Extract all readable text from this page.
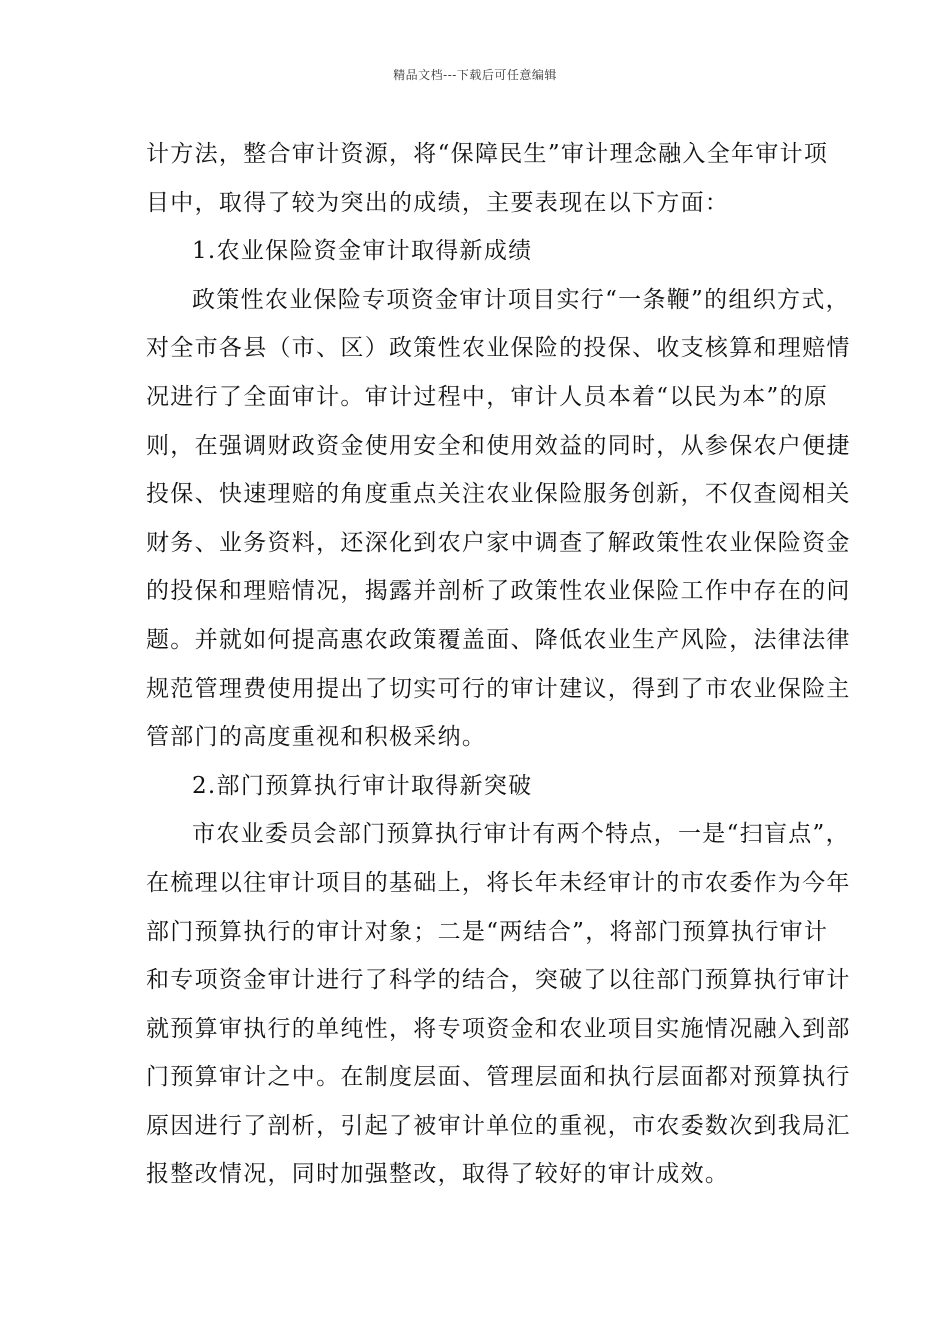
精品文档---下载后可任意编辑
计方法，整合审计资源，将“保障民生”审计理念融入全年审计项
目中，取得了较为突出的成绩，主要表现在以下方面：
1.农业保险资金审计取得新成绩
政策性农业保险专项资金审计项目实行“一条鞭”的组织方式，
对全市各县（市、区）政策性农业保险的投保、收支核算和理赔情
况进行了全面审计。审计过程中，审计人员本着“以民为本”的原
则，在强调财政资金使用安全和使用效益的同时，从参保农户便捷
投保、快速理赔的角度重点关注农业保险服务创新，不仅查阅相关
财务、业务资料，还深化到农户家中调查了解政策性农业保险资金
的投保和理赔情况，揭露并剖析了政策性农业保险工作中存在的问
题。并就如何提高惠农政策覆盖面、降低农业生产风险，法律法律
规范管理费使用提出了切实可行的审计建议，得到了市农业保险主
管部门的高度重视和积极采纳。
2.部门预算执行审计取得新突破
市农业委员会部门预算执行审计有两个特点，一是“扫盲点”，
在梳理以往审计项目的基础上，将长年未经审计的市农委作为今年
部门预算执行的审计对象；二是“两结合”，将部门预算执行审计
和专项资金审计进行了科学的结合，突破了以往部门预算执行审计
就预算审执行的单纯性，将专项资金和农业项目实施情况融入到部
门预算审计之中。在制度层面、管理层面和执行层面都对预算执行
原因进行了剖析，引起了被审计单位的重视，市农委数次到我局汇
报整改情况，同时加强整改，取得了较好的审计成效。
